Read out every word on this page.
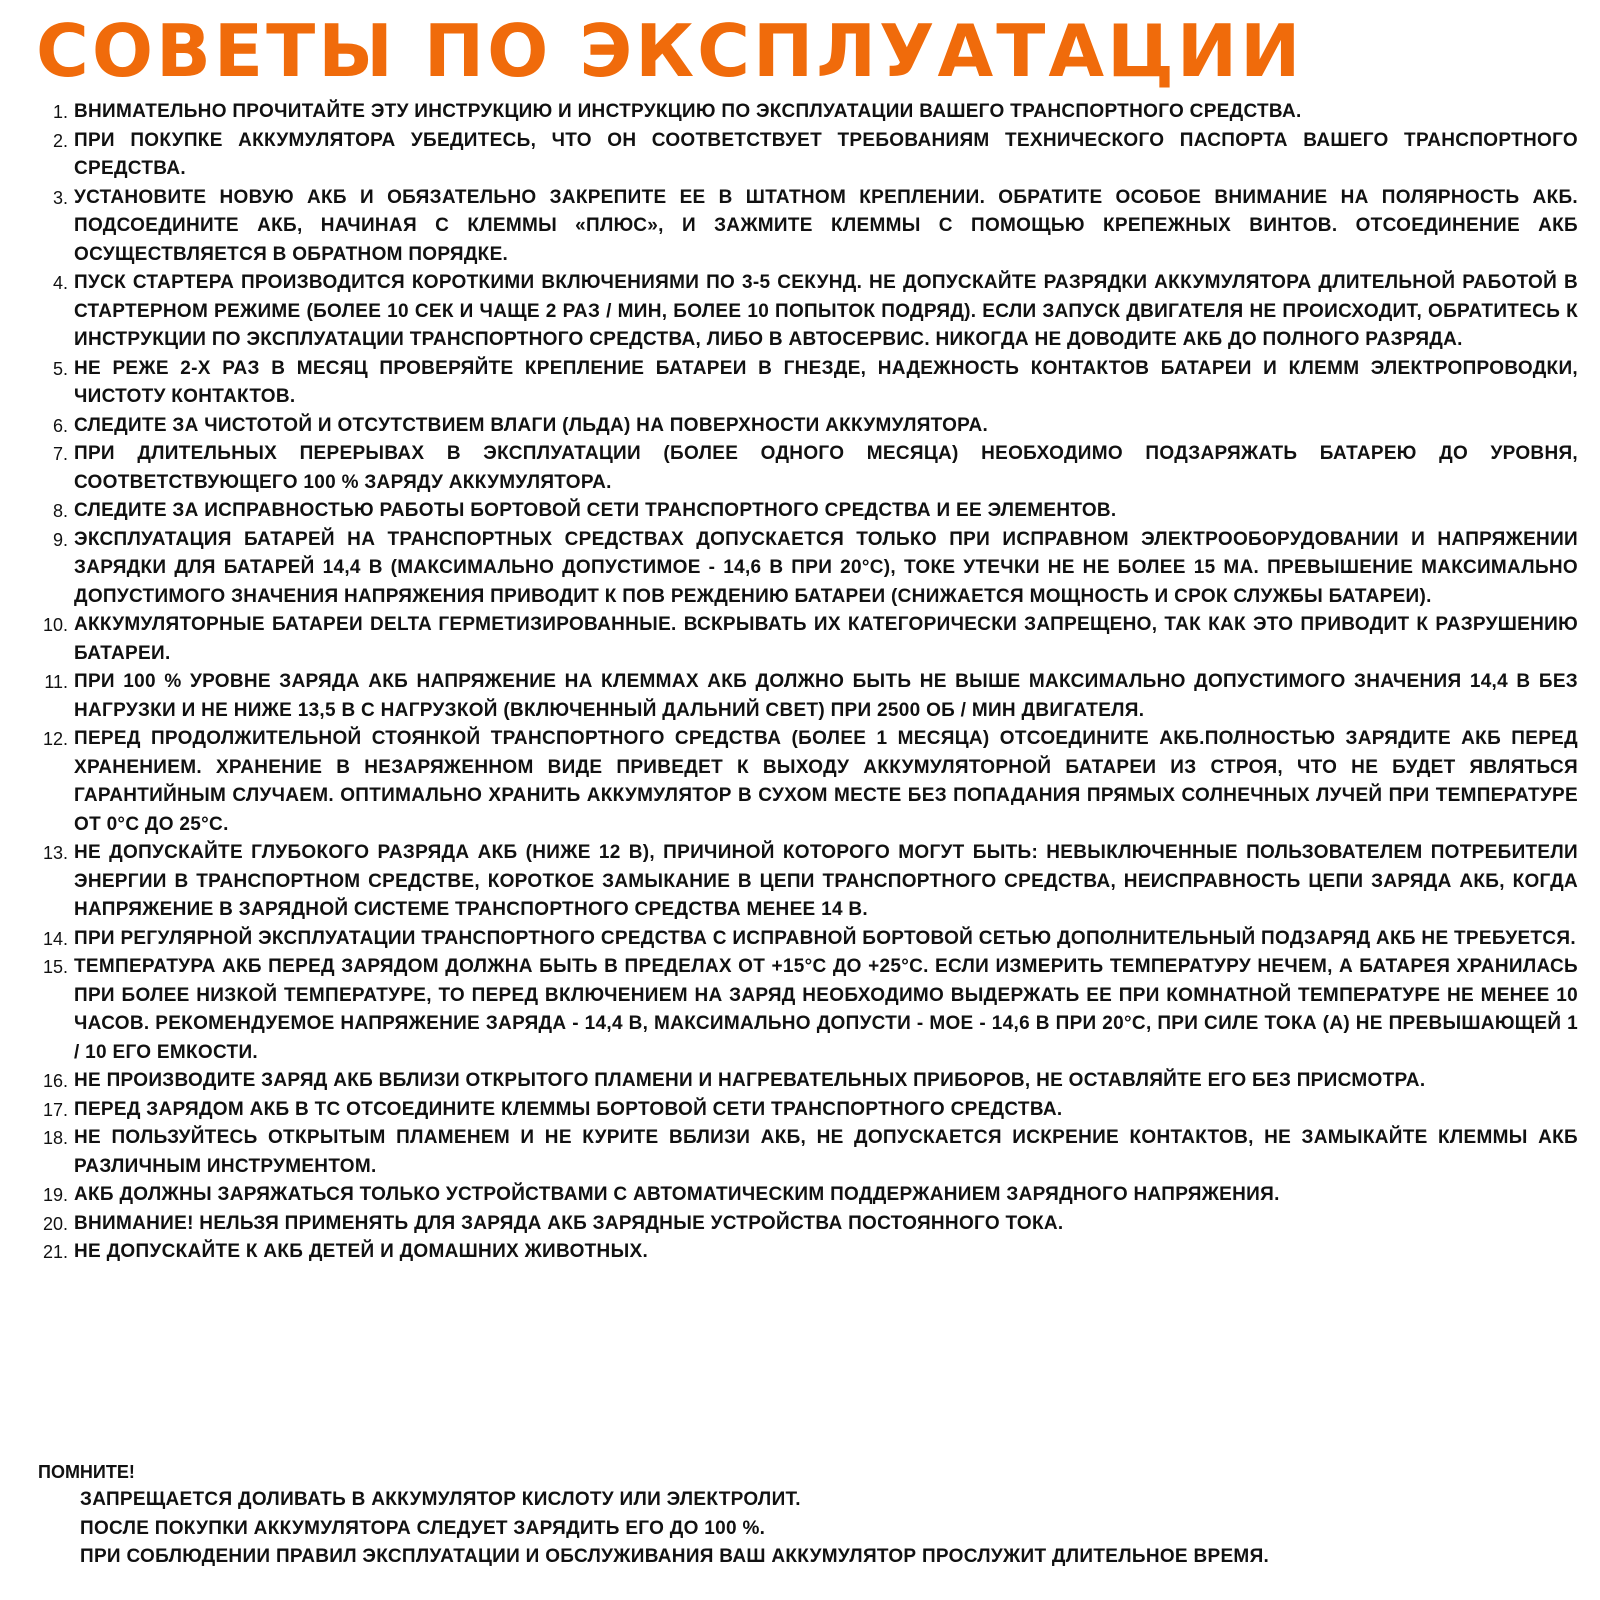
СОВЕТЫ ПО ЭКСПЛУАТАЦИИ
1. ВНИМАТЕЛЬНО ПРОЧИТАЙТЕ ЭТУ ИНСТРУКЦИЮ И ИНСТРУКЦИЮ ПО ЭКСПЛУАТАЦИИ ВАШЕГО ТРАНСПОРТНОГО СРЕДСТВА.
2. ПРИ ПОКУПКЕ АККУМУЛЯТОРА УБЕДИТЕСЬ, ЧТО ОН СООТВЕТСТВУЕТ ТРЕБОВАНИЯМ ТЕХНИЧЕСКОГО ПАСПОРТА ВАШЕГО ТРАНСПОРТНОГО СРЕДСТВА.
3. УСТАНОВИТЕ НОВУЮ АКБ И ОБЯЗАТЕЛЬНО ЗАКРЕПИТЕ ЕЕ В ШТАТНОМ КРЕПЛЕНИИ. ОБРАТИТЕ ОСОБОЕ ВНИМАНИЕ НА ПОЛЯРНОСТЬ АКБ. ПОДСОЕДИНИТЕ АКБ, НАЧИНАЯ С КЛЕММЫ «ПЛЮС», И ЗАЖМИТЕ КЛЕММЫ С ПОМОЩЬЮ КРЕПЕЖНЫХ ВИНТОВ. ОТСОЕДИНЕНИЕ АКБ ОСУЩЕСТВЛЯЕТСЯ В ОБРАТНОМ ПОРЯДКЕ.
4. ПУСК СТАРТЕРА ПРОИЗВОДИТСЯ КОРОТКИМИ ВКЛЮЧЕНИЯМИ ПО 3-5 СЕКУНД. НЕ ДОПУСКАЙТЕ РАЗРЯДКИ АККУМУЛЯТОРА ДЛИТЕЛЬНОЙ РАБОТОЙ В СТАРТЕРНОМ РЕЖИМЕ (БОЛЕЕ 10 СЕК И ЧАЩЕ 2 РАЗ / МИН, БОЛЕЕ 10 ПОПЫТОК ПОДРЯД). ЕСЛИ ЗАПУСК ДВИГАТЕЛЯ НЕ ПРОИСХОДИТ, ОБРАТИТЕСЬ К ИНСТРУКЦИИ ПО ЭКСПЛУАТАЦИИ ТРАНСПОРТНОГО СРЕДСТВА, ЛИБО В АВТОСЕРВИС. НИКОГДА НЕ ДОВОДИТЕ АКБ ДО ПОЛНОГО РАЗРЯДА.
5. НЕ РЕЖЕ 2-Х РАЗ В МЕСЯЦ ПРОВЕРЯЙТЕ КРЕПЛЕНИЕ БАТАРЕИ В ГНЕЗДЕ, НАДЕЖНОСТЬ КОНТАКТОВ БАТАРЕИ И КЛЕММ ЭЛЕКТРОПРОВОДКИ, ЧИСТОТУ КОНТАКТОВ.
6. СЛЕДИТЕ ЗА ЧИСТОТОЙ И ОТСУТСТВИЕМ ВЛАГИ (ЛЬДА) НА ПОВЕРХНОСТИ АККУМУЛЯТОРА.
7. ПРИ ДЛИТЕЛЬНЫХ ПЕРЕРЫВАХ В ЭКСПЛУАТАЦИИ (БОЛЕЕ ОДНОГО МЕСЯЦА) НЕОБХОДИМО ПОДЗАРЯЖАТЬ БАТАРЕЮ ДО УРОВНЯ, СООТВЕТСТВУЮЩЕГО 100 % ЗАРЯДУ АККУМУЛЯТОРА.
8. СЛЕДИТЕ ЗА ИСПРАВНОСТЬЮ РАБОТЫ БОРТОВОЙ СЕТИ ТРАНСПОРТНОГО СРЕДСТВА И ЕЕ ЭЛЕМЕНТОВ.
9. ЭКСПЛУАТАЦИЯ БАТАРЕЙ НА ТРАНСПОРТНЫХ СРЕДСТВАХ ДОПУСКАЕТСЯ ТОЛЬКО ПРИ ИСПРАВНОМ ЭЛЕКТРООБОРУДОВАНИИ И НАПРЯЖЕНИИ ЗАРЯДКИ ДЛЯ БАТАРЕЙ 14,4 В (МАКСИМАЛЬНО ДОПУСТИМОЕ - 14,6 В ПРИ 20°С), ТОКЕ УТЕЧКИ НЕ НЕ БОЛЕЕ 15 МА. ПРЕВЫШЕНИЕ МАКСИМАЛЬНО ДОПУСТИМОГО ЗНАЧЕНИЯ НАПРЯЖЕНИЯ ПРИВОДИТ К ПОВ РЕЖДЕНИЮ БАТАРЕИ (СНИЖАЕТСЯ МОЩНОСТЬ И СРОК СЛУЖБЫ БАТАРЕИ).
10. АККУМУЛЯТОРНЫЕ БАТАРЕИ DELTA ГЕРМЕТИЗИРОВАННЫЕ. ВСКРЫВАТЬ ИХ КАТЕГОРИЧЕСКИ ЗАПРЕЩЕНО, ТАК КАК ЭТО ПРИВОДИТ К РАЗРУШЕНИЮ БАТАРЕИ.
11. ПРИ 100 % УРОВНЕ ЗАРЯДА АКБ НАПРЯЖЕНИЕ НА КЛЕММАХ АКБ ДОЛЖНО БЫТЬ НЕ ВЫШЕ МАКСИМАЛЬНО ДОПУСТИМОГО ЗНАЧЕНИЯ 14,4 В БЕЗ НАГРУЗКИ И НЕ НИЖЕ 13,5 В С НАГРУЗКОЙ (ВКЛЮЧЕННЫЙ ДАЛЬНИЙ СВЕТ) ПРИ 2500 ОБ / МИН ДВИГАТЕЛЯ.
12. ПЕРЕД ПРОДОЛЖИТЕЛЬНОЙ СТОЯНКОЙ ТРАНСПОРТНОГО СРЕДСТВА (БОЛЕЕ 1 МЕСЯЦА) ОТСОЕДИНИТЕ АКБ.ПОЛНОСТЬЮ ЗАРЯДИТЕ АКБ ПЕРЕД ХРАНЕНИЕМ. ХРАНЕНИЕ В НЕЗАРЯЖЕННОМ ВИДЕ ПРИВЕДЕТ К ВЫХОДУ АККУМУЛЯТОРНОЙ БАТАРЕИ ИЗ СТРОЯ, ЧТО НЕ БУДЕТ ЯВЛЯТЬСЯ ГАРАНТИЙНЫМ СЛУЧАЕМ. ОПТИМАЛЬНО ХРАНИТЬ АККУМУЛЯТОР В СУХОМ МЕСТЕ БЕЗ ПОПАДАНИЯ ПРЯМЫХ СОЛНЕЧНЫХ ЛУЧЕЙ ПРИ ТЕМПЕРАТУРЕ ОТ 0°С ДО 25°С.
13. НЕ ДОПУСКАЙТЕ ГЛУБОКОГО РАЗРЯДА АКБ (НИЖЕ 12 В), ПРИЧИНОЙ КОТОРОГО МОГУТ БЫТЬ: НЕВЫКЛЮЧЕННЫЕ ПОЛЬЗОВАТЕЛЕМ ПОТРЕБИТЕЛИ ЭНЕРГИИ В ТРАНСПОРТНОМ СРЕДСТВЕ, КОРОТКОЕ ЗАМЫКАНИЕ В ЦЕПИ ТРАНСПОРТНОГО СРЕДСТВА, НЕИСПРАВНОСТЬ ЦЕПИ ЗАРЯДА АКБ, КОГДА НАПРЯЖЕНИЕ В ЗАРЯДНОЙ СИСТЕМЕ ТРАНСПОРТНОГО СРЕДСТВА МЕНЕЕ 14 В.
14. ПРИ РЕГУЛЯРНОЙ ЭКСПЛУАТАЦИИ ТРАНСПОРТНОГО СРЕДСТВА С ИСПРАВНОЙ БОРТОВОЙ СЕТЬЮ ДОПОЛНИТЕЛЬНЫЙ ПОДЗАРЯД АКБ НЕ ТРЕБУЕТСЯ.
15. ТЕМПЕРАТУРА АКБ ПЕРЕД ЗАРЯДОМ ДОЛЖНА БЫТЬ В ПРЕДЕЛАХ ОТ +15°С ДО +25°С. ЕСЛИ ИЗМЕРИТЬ ТЕМПЕРАТУРУ НЕЧЕМ, А БАТАРЕЯ ХРАНИЛАСЬ ПРИ БОЛЕЕ НИЗКОЙ ТЕМПЕРАТУРЕ, ТО ПЕРЕД ВКЛЮЧЕНИЕМ НА ЗАРЯД НЕОБХОДИМО ВЫДЕРЖАТЬ ЕЕ ПРИ КОМНАТНОЙ ТЕМПЕРАТУРЕ НЕ МЕНЕЕ 10 ЧАСОВ. РЕКОМЕНДУЕМОЕ НАПРЯЖЕНИЕ ЗАРЯДА - 14,4 В, МАКСИМАЛЬНО ДОПУСТИ - МОЕ - 14,6 В ПРИ 20°С, ПРИ СИЛЕ ТОКА (А) НЕ ПРЕВЫШАЮЩЕЙ 1 / 10 ЕГО ЕМКОСТИ.
16. НЕ ПРОИЗВОДИТЕ ЗАРЯД АКБ ВБЛИЗИ ОТКРЫТОГО ПЛАМЕНИ И НАГРЕВАТЕЛЬНЫХ ПРИБОРОВ, НЕ ОСТАВЛЯЙТЕ ЕГО БЕЗ ПРИСМОТРА.
17. ПЕРЕД ЗАРЯДОМ АКБ В ТС ОТСОЕДИНИТЕ КЛЕММЫ БОРТОВОЙ СЕТИ ТРАНСПОРТНОГО СРЕДСТВА.
18. НЕ ПОЛЬЗУЙТЕСЬ ОТКРЫТЫМ ПЛАМЕНЕМ И НЕ КУРИТЕ ВБЛИЗИ АКБ, НЕ ДОПУСКАЕТСЯ ИСКРЕНИЕ КОНТАКТОВ, НЕ ЗАМЫКАЙТЕ КЛЕММЫ АКБ РАЗЛИЧНЫМ ИНСТРУМЕНТОМ.
19. АКБ ДОЛЖНЫ ЗАРЯЖАТЬСЯ ТОЛЬКО УСТРОЙСТВАМИ С АВТОМАТИЧЕСКИМ ПОДДЕРЖАНИЕМ ЗАРЯДНОГО НАПРЯЖЕНИЯ.
20. ВНИМАНИЕ! НЕЛЬЗЯ ПРИМЕНЯТЬ ДЛЯ ЗАРЯДА АКБ ЗАРЯДНЫЕ УСТРОЙСТВА ПОСТОЯННОГО ТОКА.
21. НЕ ДОПУСКАЙТЕ К АКБ ДЕТЕЙ И ДОМАШНИХ ЖИВОТНЫХ.
ПОМНИТЕ!
ЗАПРЕЩАЕТСЯ ДОЛИВАТЬ В АККУМУЛЯТОР КИСЛОТУ ИЛИ ЭЛЕКТРОЛИТ.
ПОСЛЕ ПОКУПКИ АККУМУЛЯТОРА СЛЕДУЕТ ЗАРЯДИТЬ ЕГО ДО 100 %.
ПРИ СОБЛЮДЕНИИ ПРАВИЛ ЭКСПЛУАТАЦИИ И ОБСЛУЖИВАНИЯ ВАШ АККУМУЛЯТОР ПРОСЛУЖИТ ДЛИТЕЛЬНОЕ ВРЕМЯ.
